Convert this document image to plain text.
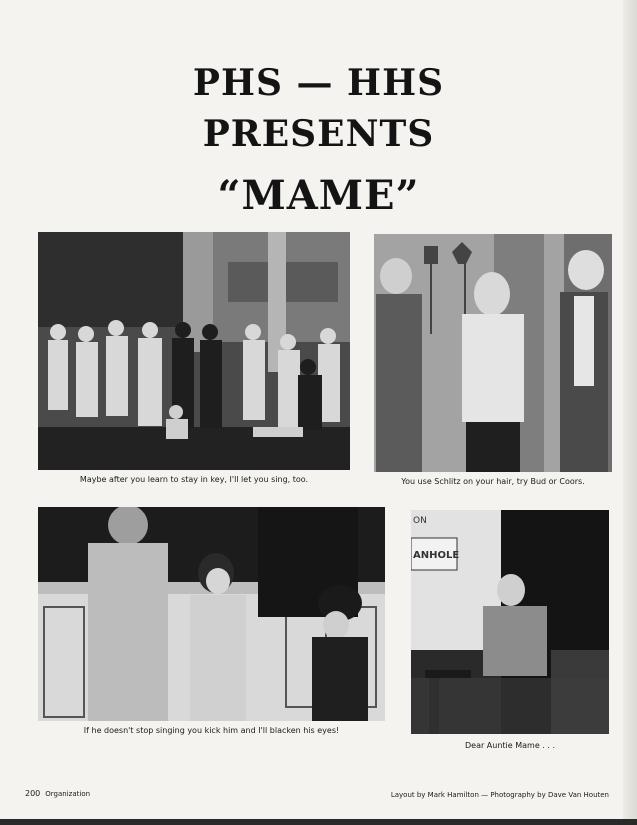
PHS — HHS
PRESENTS
“MAME”
Maybe after you learn to stay in key, I'll let you sing, too.	You use Schlitz on your hair, try Bud or Coors.
If he doesn't stop singing you kick him and I'll blacken his eyes!
ON
ANHOLE
Dear Auntie Mame . . .
200 Organization	Layout by Mark Hamilton — Photography by Dave Van Houten
